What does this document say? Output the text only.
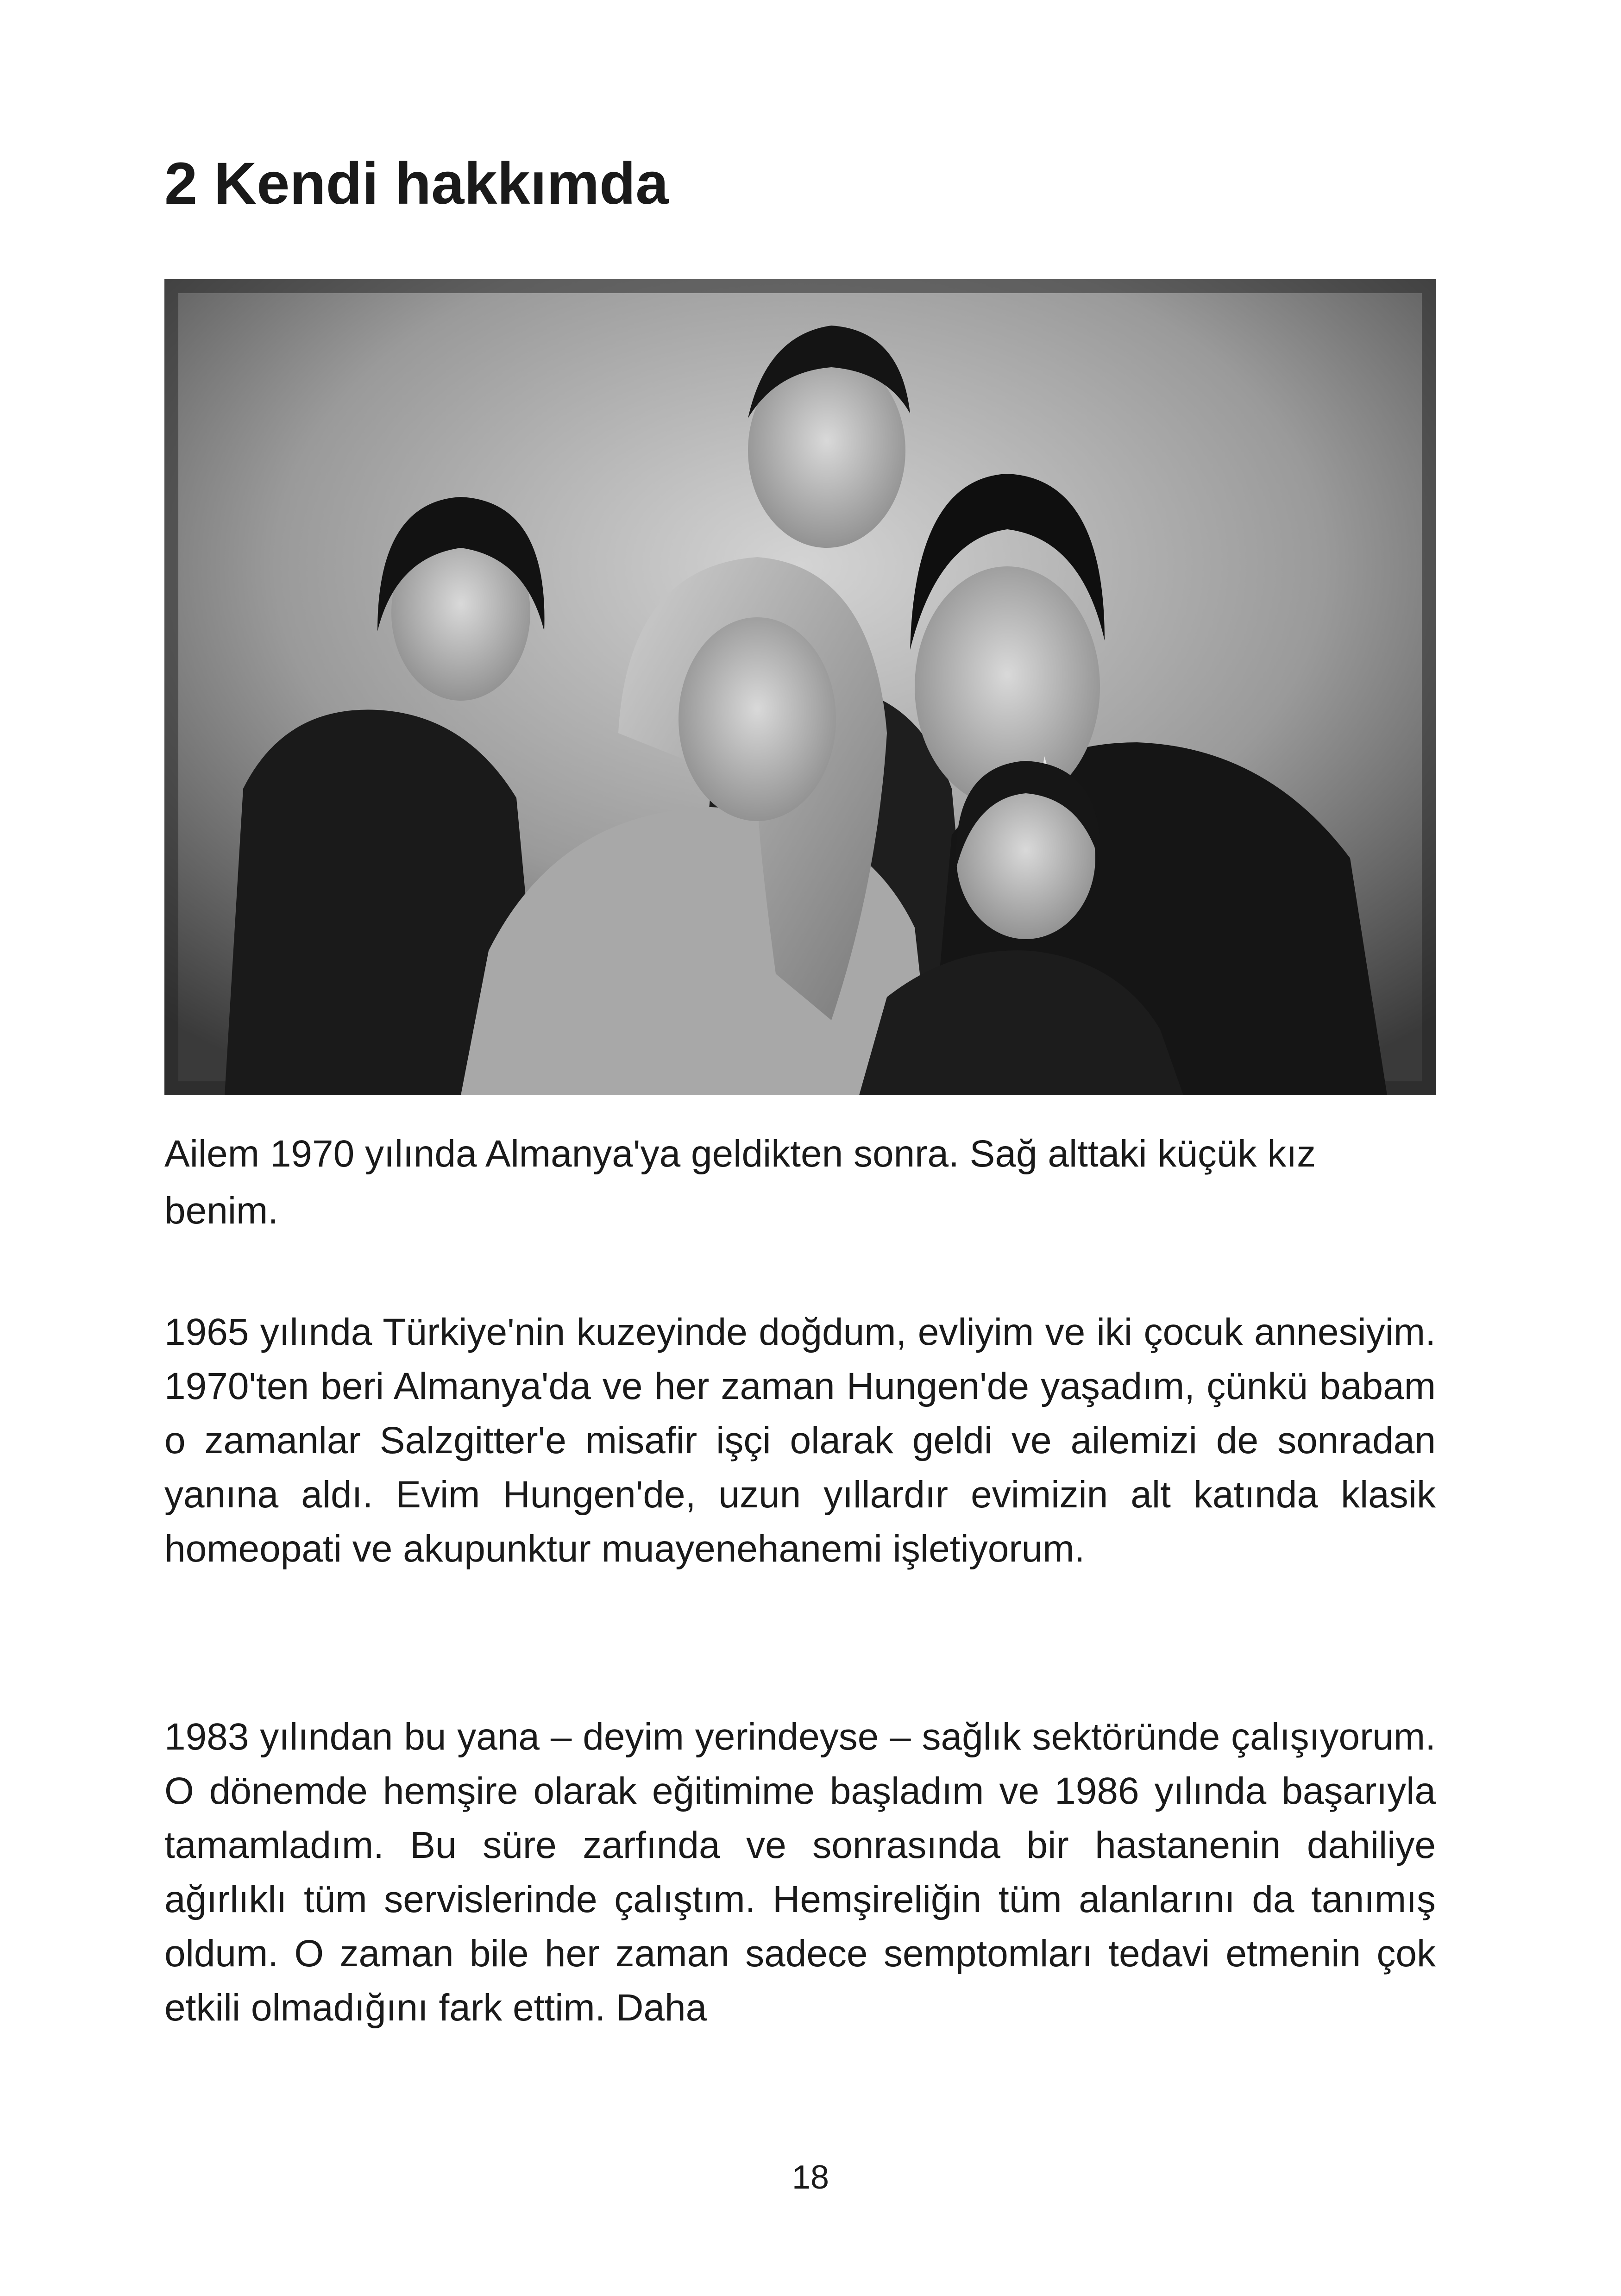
2 Kendi hakkımda

Ailem 1970 yılında Almanya'ya geldikten sonra. Sağ alttaki küçük kız benim.

1965 yılında Türkiye'nin kuzeyinde doğdum, evliyim ve iki çocuk annesiyim. 1970'ten beri Almanya'da ve her zaman Hungen'de yaşadım, çünkü babam o zamanlar Salzgitter'e misafir işçi olarak geldi ve ailemizi de sonradan yanına aldı. Evim Hungen'de, uzun yıllardır evimizin alt katında klasik homeopati ve akupunktur muayenehanemi işletiyorum.

1983 yılından bu yana – deyim yerindeyse – sağlık sektöründe çalışıyorum. O dönemde hemşire olarak eğitimime başladım ve 1986 yılında başarıyla tamamladım. Bu süre zarfında ve sonrasında bir hastanenin dahiliye ağırlıklı tüm servislerinde çalıştım. Hemşireliğin tüm alanlarını da tanımış oldum. O zaman bile her zaman sadece semptomları tedavi etmenin çok etkili olmadığını fark ettim. Daha

18
